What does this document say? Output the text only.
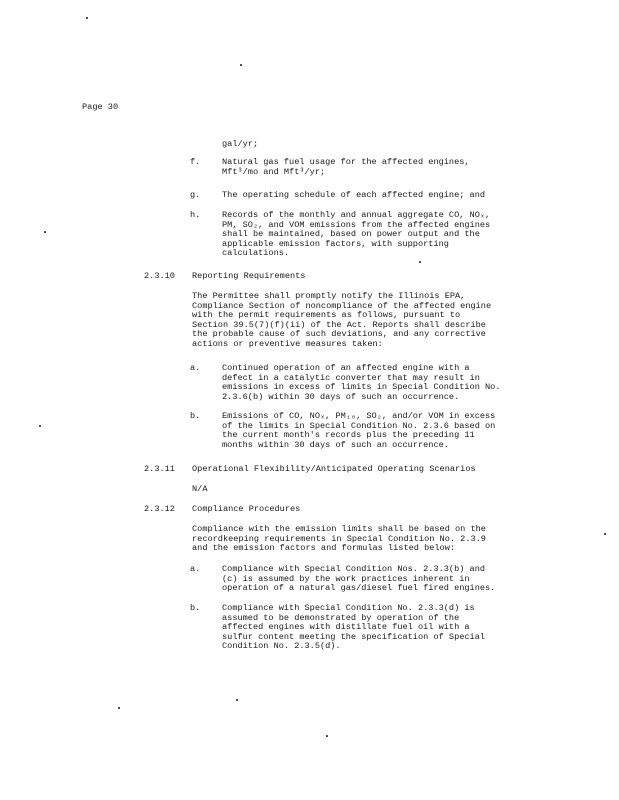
Page 30
gal/yr;
f.	Natural gas fuel usage for the affected engines,
Mft³/mo and Mft³/yr;
g.	The operating schedule of each affected engine; and
h.	Records of the monthly and annual aggregate CO, NOₓ,
PM, SO₂, and VOM emissions from the affected engines
shall be maintained, based on power output and the
applicable emission factors, with supporting
calculations.
2.3.10 Reporting Requirements
The Permittee shall promptly notify the Illinois EPA,
Compliance Section of noncompliance of the affected engine
with the permit requirements as follows, pursuant to
Section 39.5(7)(f)(ii) of the Act. Reports shall describe
the probable cause of such deviations, and any corrective
actions or preventive measures taken:
a.	Continued operation of an affected engine with a
defect in a catalytic converter that may result in
emissions in excess of limits in Special Condition No.
2.3.6(b) within 30 days of such an occurrence.
b.	Emissions of CO, NOₓ, PM₁₀, SO₂, and/or VOM in excess
of the limits in Special Condition No. 2.3.6 based on
the current month's records plus the preceding 11
months within 30 days of such an occurrence.
2.3.11 Operational Flexibility/Anticipated Operating Scenarios
N/A
2.3.12 Compliance Procedures
Compliance with the emission limits shall be based on the
recordkeeping requirements in Special Condition No. 2.3.9
and the emission factors and formulas listed below:
a.	Compliance with Special Condition Nos. 2.3.3(b) and
(c) is assumed by the work practices inherent in
operation of a natural gas/diesel fuel fired engines.
b.	Compliance with Special Condition No. 2.3.3(d) is
assumed to be demonstrated by operation of the
affected engines with distillate fuel oil with a
sulfur content meeting the specification of Special
Condition No. 2.3.5(d).
